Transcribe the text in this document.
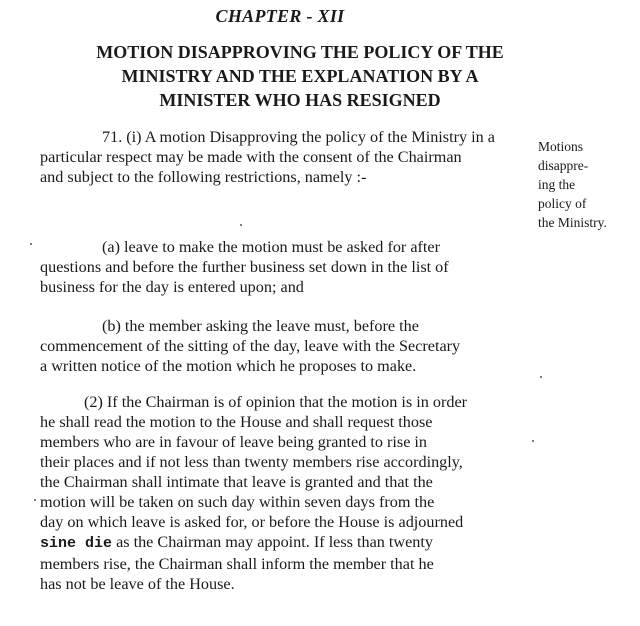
CHAPTER - XII
MOTION DISAPPROVING THE POLICY OF THE
MINISTRY AND THE EXPLANATION BY A
MINISTER WHO HAS RESIGNED
71. (i) A motion Disapproving the policy of the Ministry in a
particular respect may be made with the consent of the Chairman
and subject to the following restrictions, namely :-
Motions
disappre-
ing the
policy of
the Ministry.
(a) leave to make the motion must be asked for after
questions and before the further business set down in the list of
business for the day is entered upon; and
(b) the member asking the leave must, before the
commencement of the sitting of the day, leave with the Secretary
a written notice of the motion which he proposes to make.
(2) If the Chairman is of opinion that the motion is in order
he shall read the motion to the House and shall request those
members who are in favour of leave being granted to rise in
their places and if not less than twenty members rise accordingly,
the Chairman shall intimate that leave is granted and that the
motion will be taken on such day within seven days from the
day on which leave is asked for, or before the House is adjourned
sine die as the Chairman may appoint. If less than twenty
members rise, the Chairman shall inform the member that he
has not be leave of the House.
